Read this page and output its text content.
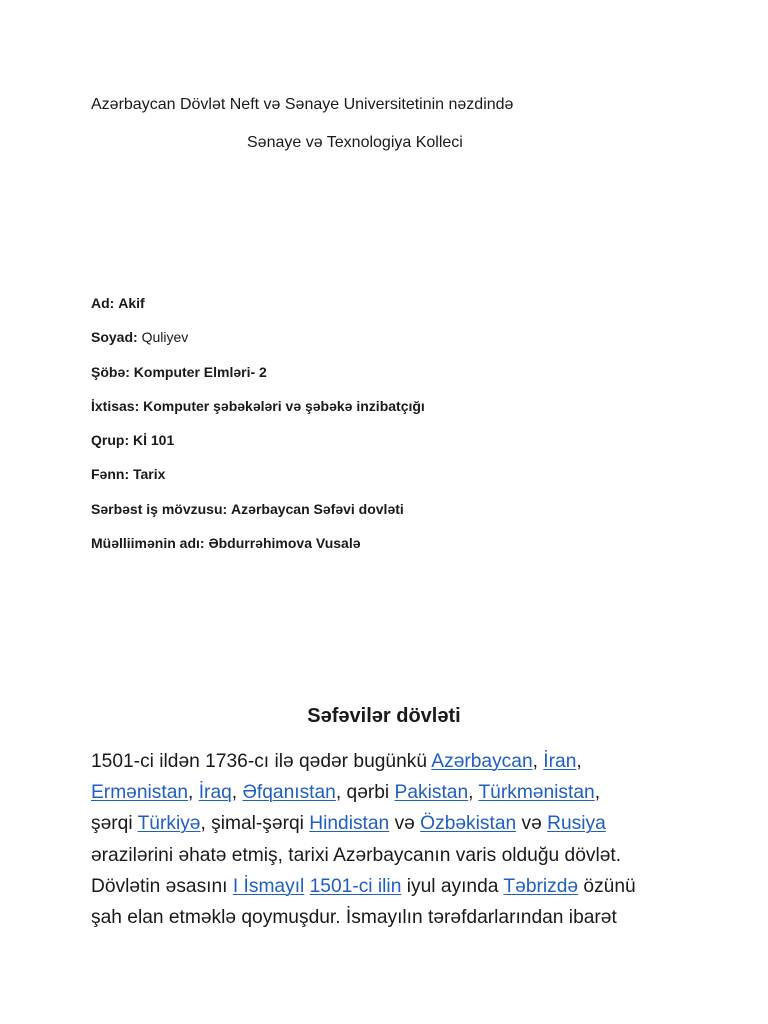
Azərbaycan Dövlət Neft və Sənaye Universitetinin nəzdində
Sənaye və Texnologiya Kolleci
Ad: Akif
Soyad: Quliyev
Şöbə: Komputer Elmləri- 2
İxtisas: Komputer şəbəkələri və şəbəkə inzibatçığı
Qrup: Kİ 101
Fənn: Tarix
Sərbəst iş mövzusu: Azərbaycan Səfəvi dovləti
Müəlliimənin adı: Əbdurrəhimova Vusalə
Səfəvilər dövləti
1501-ci ildən 1736-cı ilə qədər bugünkü Azərbaycan, İran,
Ermənistan, İraq, Əfqanıstan, qərbi Pakistan, Türkmənistan,
şərqi Türkiyə, şimal-şərqi Hindistan və Özbəkistan və Rusiya
ərazilərini əhatə etmiş, tarixi Azərbaycanın varis olduğu dövlət.
Dövlətin əsasını I İsmayıl 1501-ci ilin iyul ayında Təbrizdə özünü
şah elan etməklə qoymuşdur. İsmayılın tərəfdarlarından ibarət
